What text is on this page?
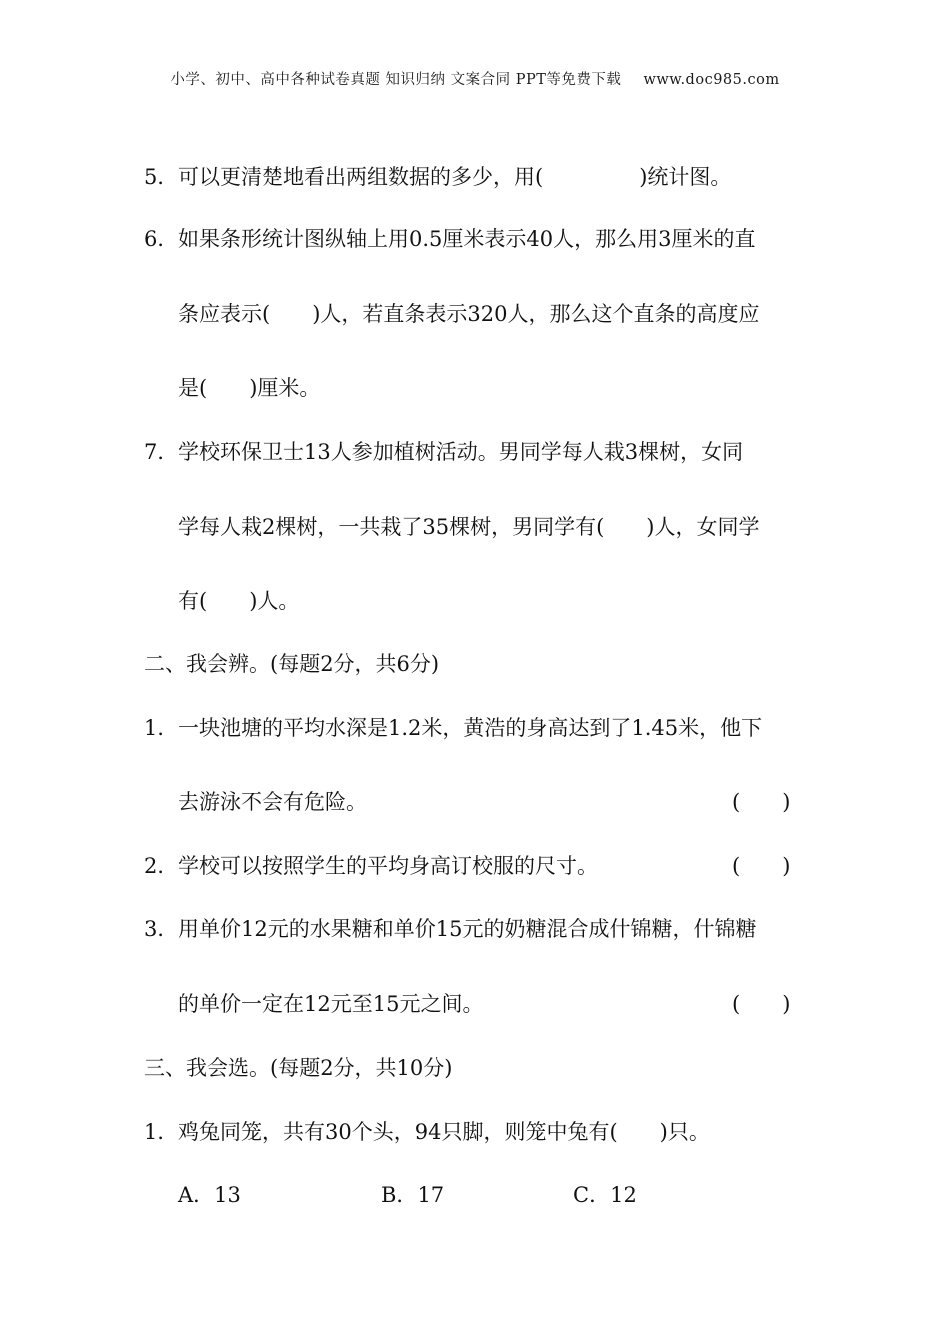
小学、初中、高中各种试卷真题 知识归纳 文案合同 PPT等免费下载 www.doc985.com
5．可以更清楚地看出两组数据的多少，用(	)统计图。
6．如果条形统计图纵轴上用0.5厘米表示40人，那么用3厘米的直
条应表示( )人，若直条表示320人，那么这个直条的高度应
是( )厘米。
7．学校环保卫士13人参加植树活动。男同学每人栽3棵树，女同
学每人栽2棵树，一共栽了35棵树，男同学有( )人，女同学
有( )人。
二、我会辨。(每题2分，共6分)
1．一块池塘的平均水深是1.2米，黄浩的身高达到了1.45米，他下
去游泳不会有危险。	(　　)
2．学校可以按照学生的平均身高订校服的尺寸。	(　　)
3．用单价12元的水果糖和单价15元的奶糖混合成什锦糖，什锦糖
的单价一定在12元至15元之间。	(　　)
三、我会选。(每题2分，共10分)
1．鸡兔同笼，共有30个头，94只脚，则笼中兔有( )只。
A．13	B．17	C．12
